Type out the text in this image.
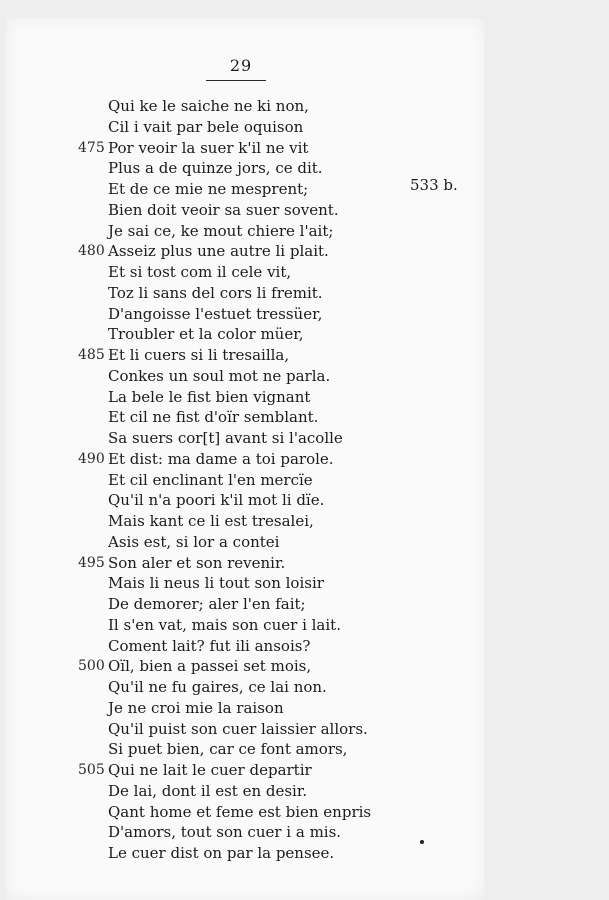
29
Qui ke le saiche ne ki non,
Cil i vait par bele oquison
475 Por veoir la suer k'il ne vit
Plus a de quinze jors, ce dit.
Et de ce mie ne mesprent;
Bien doit veoir sa suer sovent.
Je sai ce, ke mout chiere l'ait;
480 Asseiz plus une autre li plait.
Et si tost com il cele vit,
Toz li sans del cors li fremit.
D'angoisse l'estuet tressüer,
Troubler et la color müer,
485 Et li cuers si li tresailla,
Conkes un soul mot ne parla.
La bele le fist bien vignant
Et cil ne fist d'oïr semblant.
Sa suers cor[t] avant si l'acolle
490 Et dist: ma dame a toi parole.
Et cil enclinant l'en mercïe
Qu'il n'a poori k'il mot li dïe.
Mais kant ce li est tresalei,
Asis est, si lor a contei
495 Son aler et son revenir.
Mais li neus li tout son loisir
De demorer; aler l'en fait;
Il s'en vat, mais son cuer i lait.
Coment lait? fut ili ansois?
500 Oïl, bien a passei set mois,
Qu'il ne fu gaires, ce lai non.
Je ne croi mie la raison
Qu'il puist son cuer laissier allors.
Si puet bien, car ce font amors,
505 Qui ne lait le cuer departir
De lai, dont il est en desir.
Qant home et feme est bien enpris
D'amors, tout son cuer i a mis.
Le cuer dist on par la pensee.
533 b.
